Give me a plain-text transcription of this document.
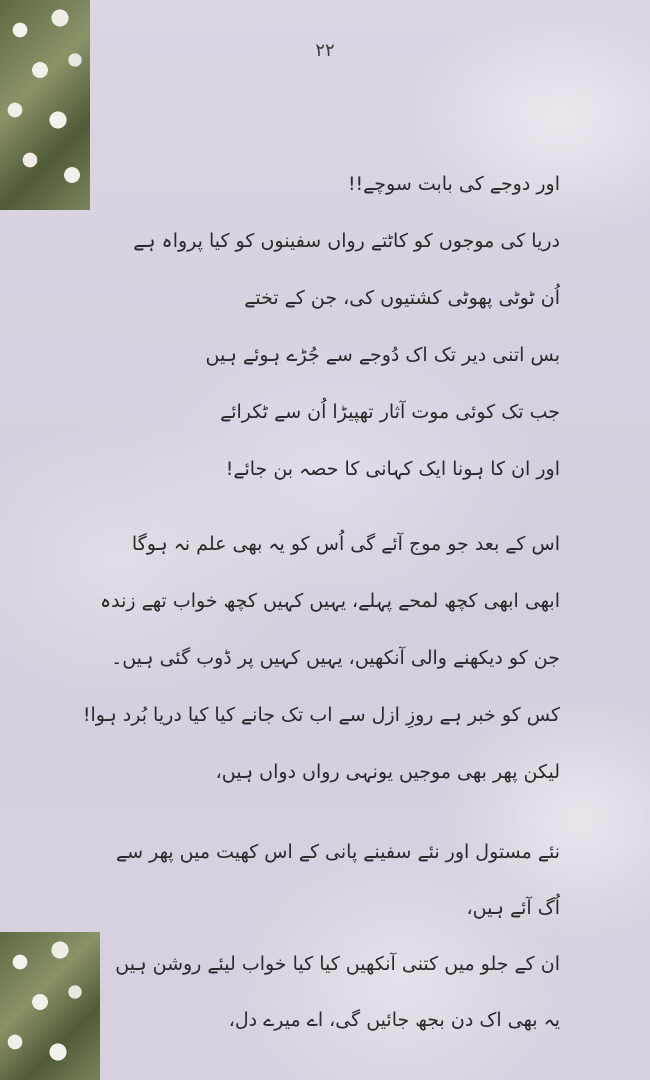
۲۲
اور دوجے کی بابت سوچے!!
دریا کی موجوں کو کاٹتے رواں سفینوں کو کیا پرواہ ہے
اُن ٹوٹی پھوٹی کشتیوں کی، جن کے تختے
بس اتنی دیر تک اک دُوجے سے جُڑے ہوئے ہیں
جب تک کوئی موت آثار تھپیڑا اُن سے ٹکرائے
اور ان کا ہونا ایک کہانی کا حصہ بن جائے!
اس کے بعد جو موج آئے گی اُس کو یہ بھی علم نہ ہوگا
ابھی ابھی کچھ لمحے پہلے، یہیں کہیں کچھ خواب تھے زندہ
جن کو دیکھنے والی آنکھیں، یہیں کہیں پر ڈوب گئی ہیں۔
کس کو خبر ہے روزِ ازل سے اب تک جانے کیا کیا دریا بُرد ہوا!
لیکن پھر بھی موجیں یونہی رواں دواں ہیں،
نئے مستول اور نئے سفینے پانی کے اس کھیت میں پھر سے
اُگ آئے ہیں،
ان کے جلو میں کتنی آنکھیں کیا کیا خواب لیئے روشن ہیں
یہ بھی اک دن بجھ جائیں گی، اے میرے دل،
